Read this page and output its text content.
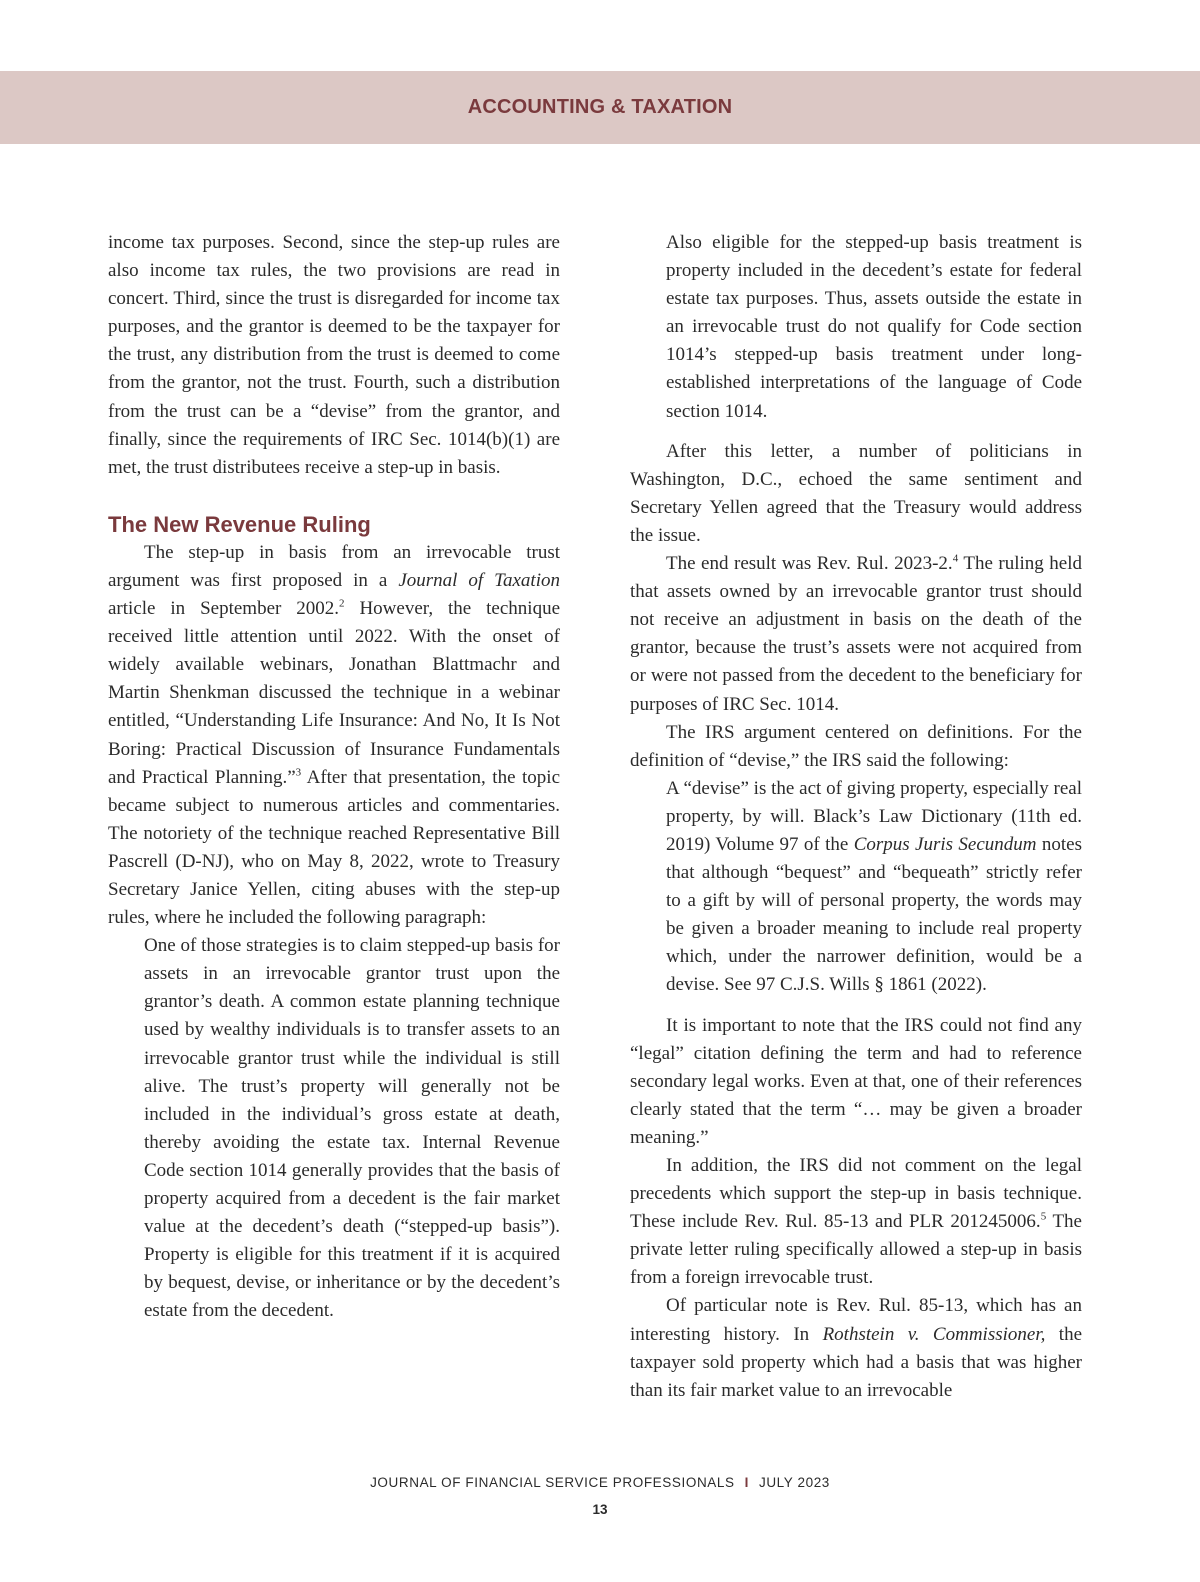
ACCOUNTING & TAXATION

income tax purposes. Second, since the step-up rules are also income tax rules, the two provisions are read in concert. Third, since the trust is disregarded for income tax purposes, and the grantor is deemed to be the taxpayer for the trust, any distribution from the trust is deemed to come from the grantor, not the trust. Fourth, such a distribution from the trust can be a “devise” from the grantor, and finally, since the requirements of IRC Sec. 1014(b)(1) are met, the trust distributees receive a step-up in basis.

The New Revenue Ruling

The step-up in basis from an irrevocable trust argument was first proposed in a Journal of Taxation article in September 2002.$^2$ However, the technique received little attention until 2022. With the onset of widely available webinars, Jonathan Blattmachr and Martin Shenkman discussed the technique in a webinar entitled, “Understanding Life Insurance: And No, It Is Not Boring: Practical Discussion of Insurance Fundamentals and Practical Planning.”$^3$ After that presentation, the topic became subject to numerous articles and commentaries. The notoriety of the technique reached Representative Bill Pascrell (D-NJ), who on May 8, 2022, wrote to Treasury Secretary Janice Yellen, citing abuses with the step-up rules, where he included the following paragraph:

One of those strategies is to claim stepped-up basis for assets in an irrevocable grantor trust upon the grantor’s death. A common estate planning technique used by wealthy individuals is to transfer assets to an irrevocable grantor trust while the individual is still alive. The trust’s property will generally not be included in the individual’s gross estate at death, thereby avoiding the estate tax. Internal Revenue Code section 1014 generally provides that the basis of property acquired from a decedent is the fair market value at the decedent’s death (“stepped-up basis”). Property is eligible for this treatment if it is acquired by bequest, devise, or inheritance or by the decedent’s estate from the decedent.

Also eligible for the stepped-up basis treatment is property included in the decedent’s estate for federal estate tax purposes. Thus, assets outside the estate in an irrevocable trust do not qualify for Code section 1014’s stepped-up basis treatment under long-established interpretations of the language of Code section 1014.

After this letter, a number of politicians in Washington, D.C., echoed the same sentiment and Secretary Yellen agreed that the Treasury would address the issue.

The end result was Rev. Rul. 2023-2.$^4$ The ruling held that assets owned by an irrevocable grantor trust should not receive an adjustment in basis on the death of the grantor, because the trust’s assets were not acquired from or were not passed from the decedent to the beneficiary for purposes of IRC Sec. 1014.

The IRS argument centered on definitions. For the definition of “devise,” the IRS said the following:

A “devise” is the act of giving property, especially real property, by will. Black’s Law Dictionary (11th ed. 2019) Volume 97 of the Corpus Juris Secundum notes that although “bequest” and “bequeath” strictly refer to a gift by will of personal property, the words may be given a broader meaning to include real property which, under the narrower definition, would be a devise. See 97 C.J.S. Wills § 1861 (2022).

It is important to note that the IRS could not find any “legal” citation defining the term and had to reference secondary legal works. Even at that, one of their references clearly stated that the term “… may be given a broader meaning.”

In addition, the IRS did not comment on the legal precedents which support the step-up in basis technique. These include Rev. Rul. 85-13 and PLR 201245006.$^5$ The private letter ruling specifically allowed a step-up in basis from a foreign irrevocable trust.

Of particular note is Rev. Rul. 85-13, which has an interesting history. In Rothstein v. Commissioner, the taxpayer sold property which had a basis that was higher than its fair market value to an irrevocable

JOURNAL OF FINANCIAL SERVICE PROFESSIONALS I JULY 2023
13
